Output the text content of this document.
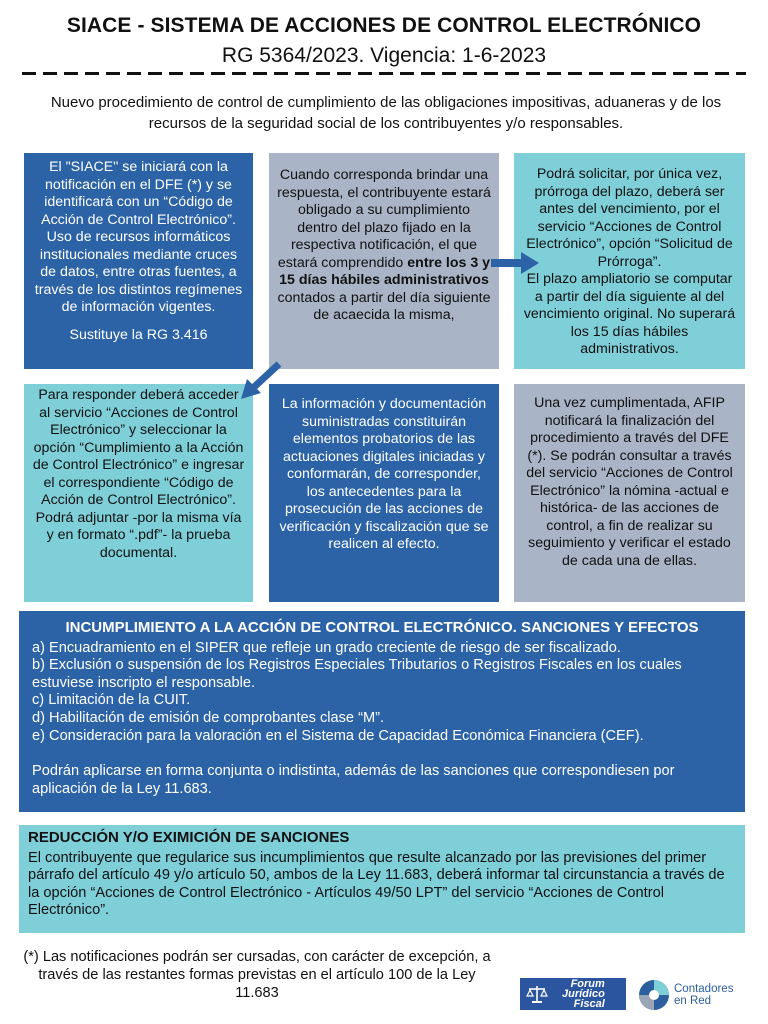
SIACE - SISTEMA DE ACCIONES DE CONTROL ELECTRÓNICO
RG 5364/2023. Vigencia: 1-6-2023
Nuevo procedimiento de control de cumplimiento de las obligaciones impositivas, aduaneras y de los recursos de la seguridad social de los contribuyentes y/o responsables.
El "SIACE" se iniciará con la notificación en el DFE (*) y se identificará con un “Código de Acción de Control Electrónico”. Uso de recursos informáticos institucionales mediante cruces de datos, entre otras fuentes, a través de los distintos regímenes de información vigentes.
Sustituye la RG 3.416
Cuando corresponda brindar una respuesta, el contribuyente estará obligado a su cumplimiento dentro del plazo fijado en la respectiva notificación, el que estará comprendido entre los 3 y 15 días hábiles administrativos contados a partir del día siguiente de acaecida la misma,
Podrá solicitar, por única vez, prórroga del plazo, deberá ser antes del vencimiento, por el servicio “Acciones de Control Electrónico”, opción “Solicitud de Prórroga”.
El plazo ampliatorio se computar a partir del día siguiente al del vencimiento original. No superará los 15 días hábiles administrativos.
Para responder deberá acceder al servicio “Acciones de Control Electrónico” y seleccionar la opción “Cumplimiento a la Acción de Control Electrónico” e ingresar el correspondiente “Código de Acción de Control Electrónico”.
Podrá adjuntar -por la misma vía y en formato “.pdf”- la prueba documental.
La información y documentación suministradas constituirán elementos probatorios de las actuaciones digitales iniciadas y conformarán, de corresponder, los antecedentes para la prosecución de las acciones de verificación y fiscalización que se realicen al efecto.
Una vez cumplimentada, AFIP notificará la finalización del procedimiento a través del DFE (*). Se podrán consultar a través del servicio “Acciones de Control Electrónico” la nómina -actual e histórica- de las acciones de control, a fin de realizar su seguimiento y verificar el estado de cada una de ellas.
INCUMPLIMIENTO A LA ACCIÓN DE CONTROL ELECTRÓNICO. SANCIONES Y EFECTOS
a) Encuadramiento en el SIPER que refleje un grado creciente de riesgo de ser fiscalizado.
b) Exclusión o suspensión de los Registros Especiales Tributarios o Registros Fiscales en los cuales estuviese inscripto el responsable.
c) Limitación de la CUIT.
d) Habilitación de emisión de comprobantes clase “M”.
e) Consideración para la valoración en el Sistema de Capacidad Económica Financiera (CEF).
Podrán aplicarse en forma conjunta o indistinta, además de las sanciones que correspondiesen por aplicación de la Ley 11.683.
REDUCCIÓN Y/O EXIMICIÓN DE SANCIONES
El contribuyente que regularice sus incumplimientos que resulte alcanzado por las previsiones del primer párrafo del artículo 49 y/o artículo 50, ambos de la Ley 11.683, deberá informar tal circunstancia a través de la opción “Acciones de Control Electrónico - Artículos 49/50 LPT” del servicio “Acciones de Control Electrónico”.
(*) Las notificaciones podrán ser cursadas, con carácter de excepción, a través de las restantes formas previstas en el artículo 100 de la Ley 11.683
Forum
Jurídico
Fiscal
Contadores
en Red
